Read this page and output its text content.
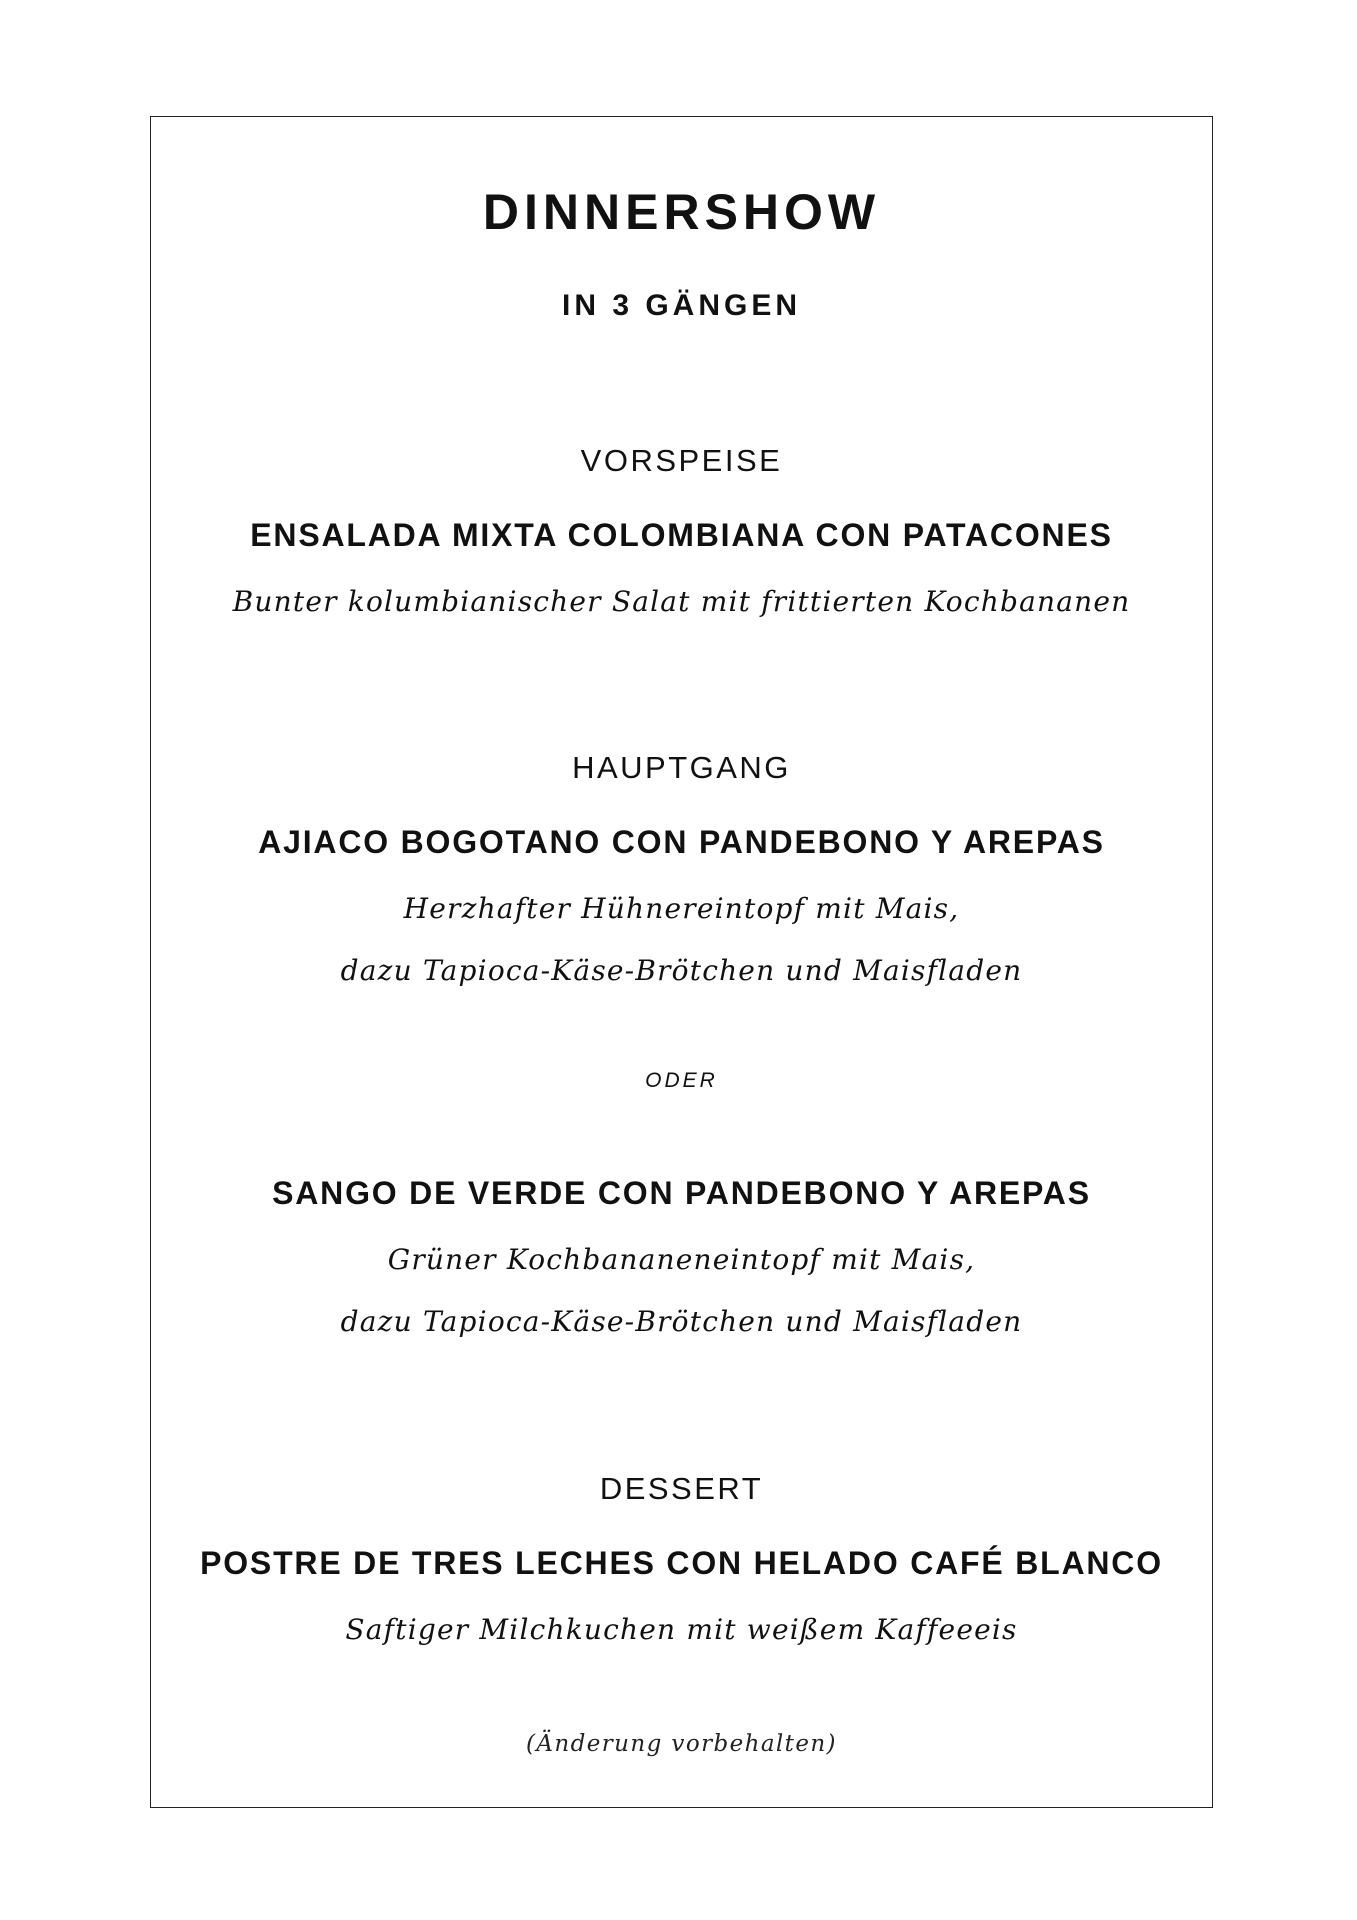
DINNERSHOW
IN 3 GÄNGEN
VORSPEISE
ENSALADA MIXTA COLOMBIANA CON PATACONES
Bunter kolumbianischer Salat mit frittierten Kochbananen
HAUPTGANG
AJIACO BOGOTANO CON PANDEBONO Y AREPAS
Herzhafter Hühnereintopf mit Mais,
dazu Tapioca-Käse-Brötchen und Maisfladen
ODER
SANGO DE VERDE CON PANDEBONO Y AREPAS
Grüner Kochbananeneintopf mit Mais,
dazu Tapioca-Käse-Brötchen und Maisfladen
DESSERT
POSTRE DE TRES LECHES CON HELADO CAFÉ BLANCO
Saftiger Milchkuchen mit weißem Kaffeeeis
(Änderung vorbehalten)
